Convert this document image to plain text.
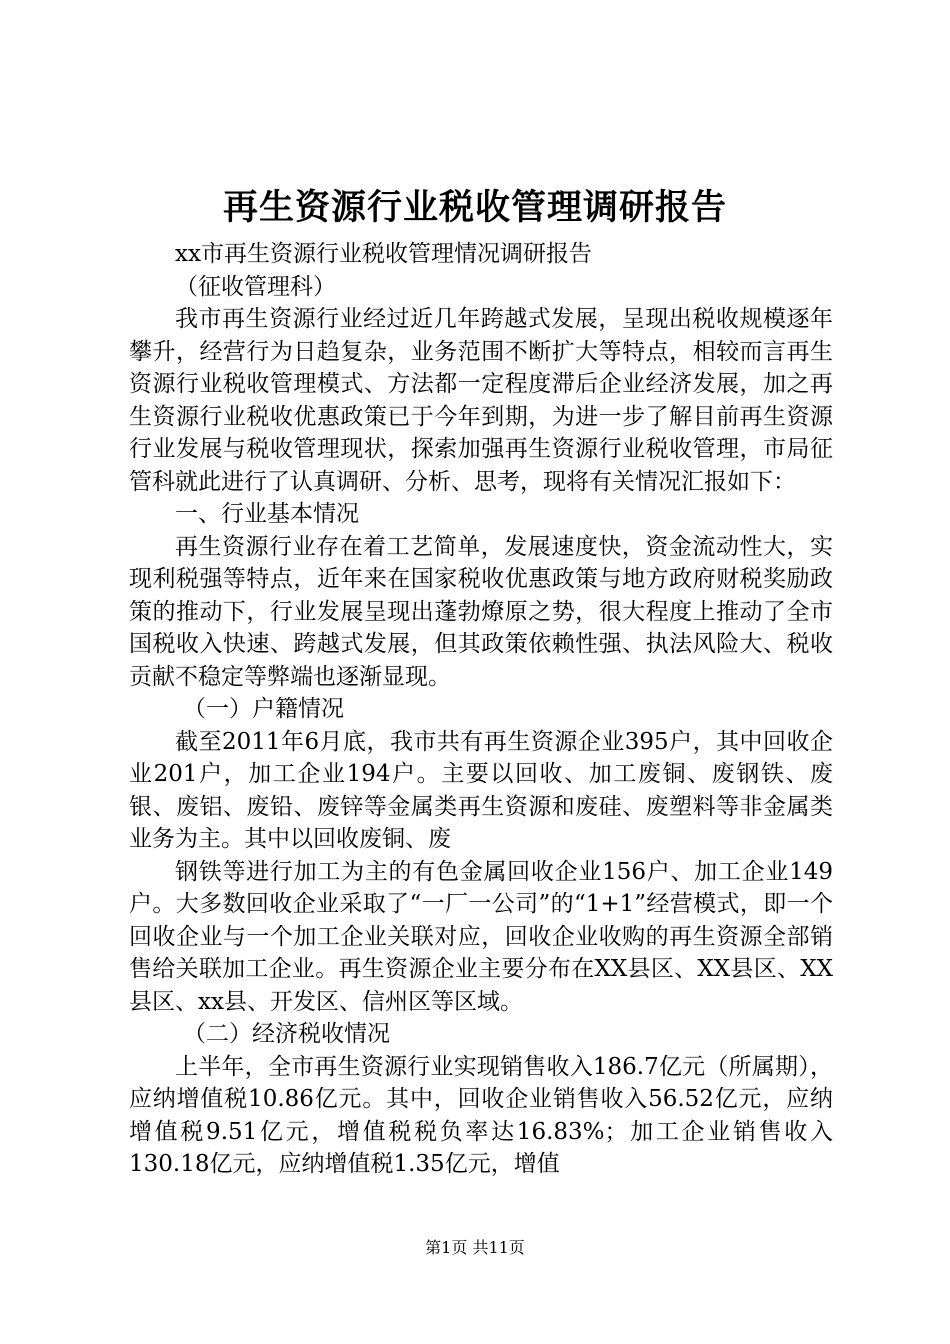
再生资源行业税收管理调研报告

xx市再生资源行业税收管理情况调研报告

（征收管理科）

我市再生资源行业经过近几年跨越式发展，呈现出税收规模逐年攀升，经营行为日趋复杂，业务范围不断扩大等特点，相较而言再生资源行业税收管理模式、方法都一定程度滞后企业经济发展，加之再生资源行业税收优惠政策已于今年到期，为进一步了解目前再生资源行业发展与税收管理现状，探索加强再生资源行业税收管理，市局征管科就此进行了认真调研、分析、思考，现将有关情况汇报如下：

一、行业基本情况

再生资源行业存在着工艺简单，发展速度快，资金流动性大，实现利税强等特点，近年来在国家税收优惠政策与地方政府财税奖励政策的推动下，行业发展呈现出蓬勃燎原之势，很大程度上推动了全市国税收入快速、跨越式发展，但其政策依赖性强、执法风险大、税收贡献不稳定等弊端也逐渐显现。

（一）户籍情况

截至2011年6月底，我市共有再生资源企业395户，其中回收企业201户，加工企业194户。主要以回收、加工废铜、废钢铁、废银、废铝、废铅、废锌等金属类再生资源和废硅、废塑料等非金属类业务为主。其中以回收废铜、废

钢铁等进行加工为主的有色金属回收企业156户、加工企业149户。大多数回收企业采取了“一厂一公司”的“1+1”经营模式，即一个回收企业与一个加工企业关联对应，回收企业收购的再生资源全部销售给关联加工企业。再生资源企业主要分布在XX县区、XX县区、XX县区、xx县、开发区、信州区等区域。

（二）经济税收情况

上半年，全市再生资源行业实现销售收入186.7亿元（所属期），应纳增值税10.86亿元。其中，回收企业销售收入56.52亿元，应纳增值税9.51亿元，增值税税负率达16.83%；加工企业销售收入130.18亿元，应纳增值税1.35亿元，增值

第1页 共11页
